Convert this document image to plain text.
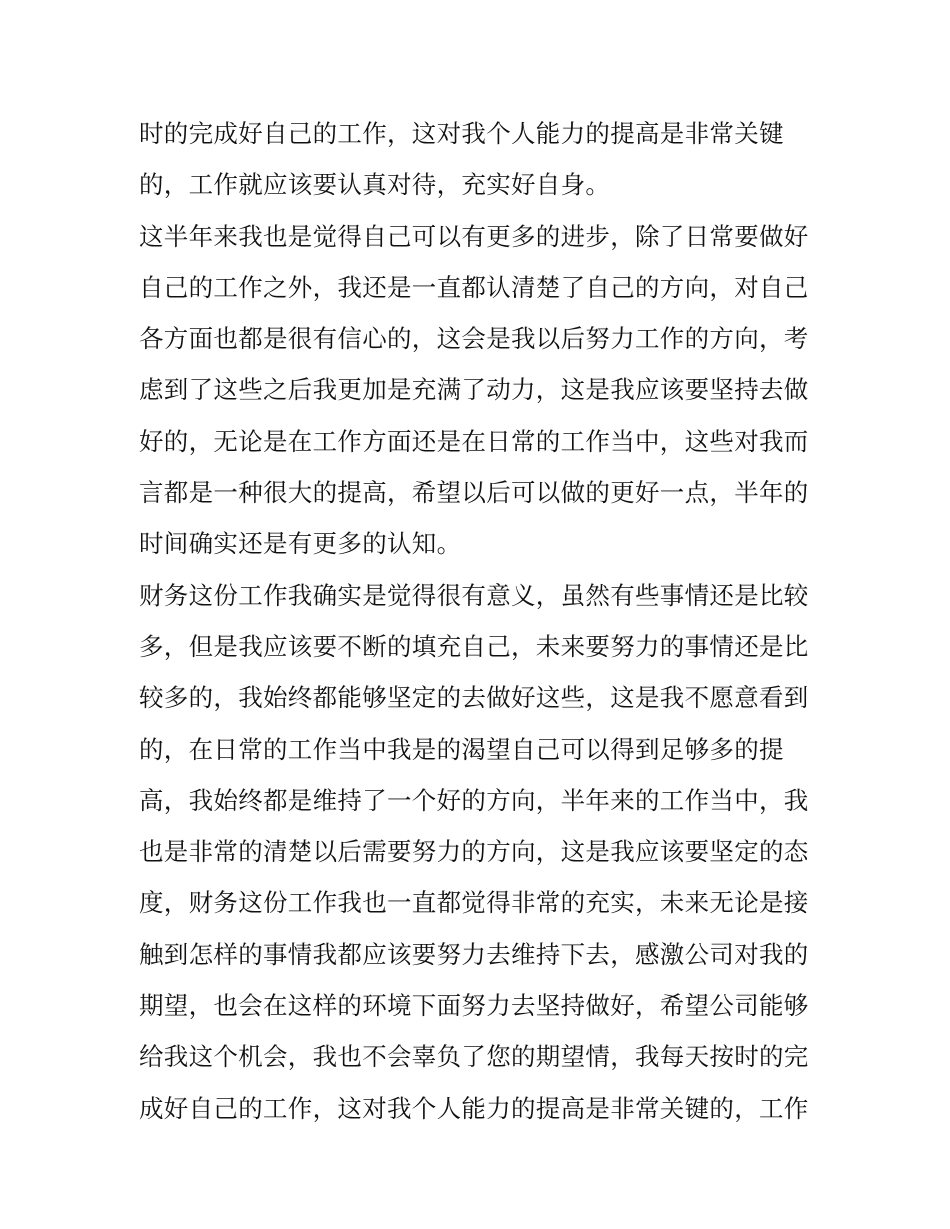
时的完成好自己的工作，这对我个人能力的提高是非常关键
的，工作就应该要认真对待，充实好自身。
这半年来我也是觉得自己可以有更多的进步，除了日常要做好
自己的工作之外，我还是一直都认清楚了自己的方向，对自己
各方面也都是很有信心的，这会是我以后努力工作的方向，考
虑到了这些之后我更加是充满了动力，这是我应该要坚持去做
好的，无论是在工作方面还是在日常的工作当中，这些对我而
言都是一种很大的提高，希望以后可以做的更好一点，半年的
时间确实还是有更多的认知。
财务这份工作我确实是觉得很有意义，虽然有些事情还是比较
多，但是我应该要不断的填充自己，未来要努力的事情还是比
较多的，我始终都能够坚定的去做好这些，这是我不愿意看到
的，在日常的工作当中我是的渴望自己可以得到足够多的提
高，我始终都是维持了一个好的方向，半年来的工作当中，我
也是非常的清楚以后需要努力的方向，这是我应该要坚定的态
度，财务这份工作我也一直都觉得非常的充实，未来无论是接
触到怎样的事情我都应该要努力去维持下去，感激公司对我的
期望，也会在这样的环境下面努力去坚持做好，希望公司能够
给我这个机会，我也不会辜负了您的期望情，我每天按时的完
成好自己的工作，这对我个人能力的提高是非常关键的，工作
